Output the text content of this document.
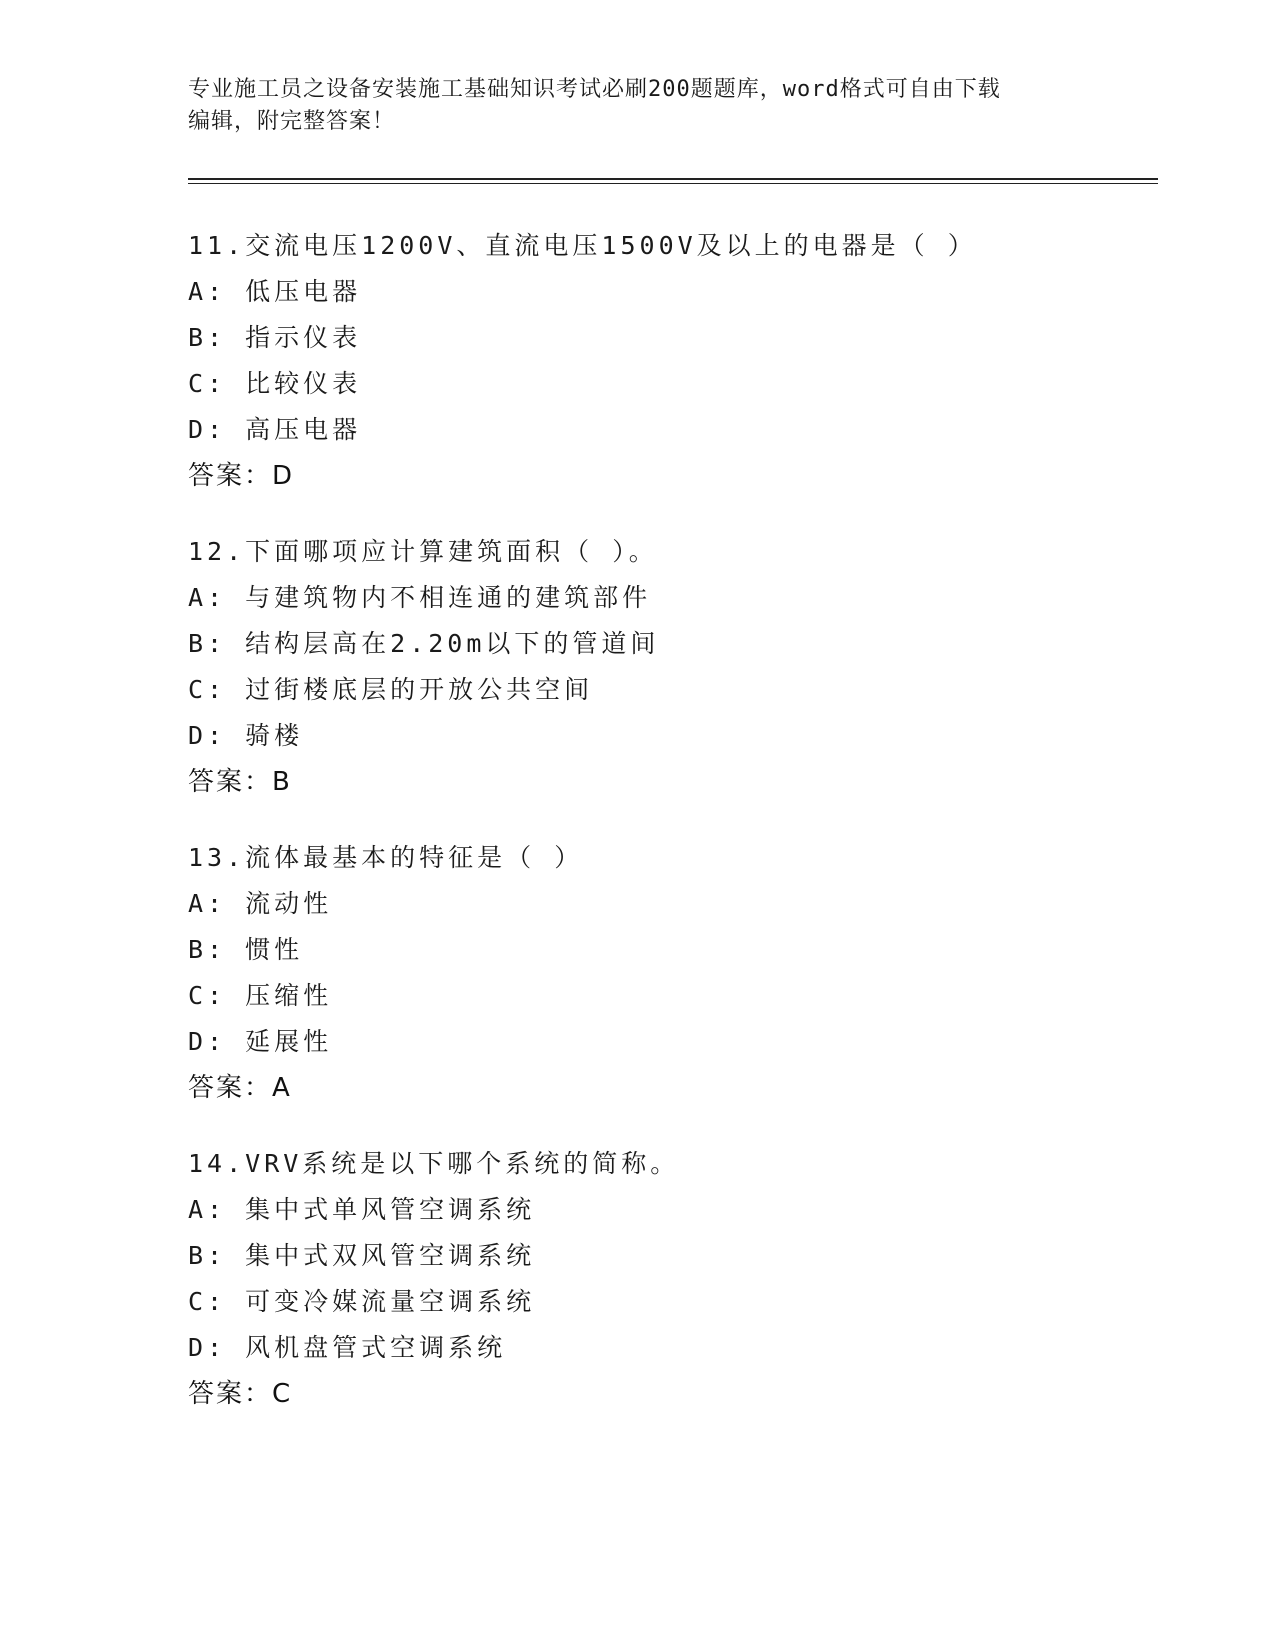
专业施工员之设备安装施工基础知识考试必刷200题题库，word格式可自由下载
编辑，附完整答案！
11.交流电压1200V、直流电压1500V及以上的电器是（ ）
A: 低压电器
B: 指示仪表
C: 比较仪表
D: 高压电器
答案：D
12.下面哪项应计算建筑面积（ ）。
A: 与建筑物内不相连通的建筑部件
B: 结构层高在2.20m以下的管道间
C: 过街楼底层的开放公共空间
D: 骑楼
答案：B
13.流体最基本的特征是（ ）
A: 流动性
B: 惯性
C: 压缩性
D: 延展性
答案：A
14.VRV系统是以下哪个系统的简称。
A: 集中式单风管空调系统
B: 集中式双风管空调系统
C: 可变冷媒流量空调系统
D: 风机盘管式空调系统
答案：C
